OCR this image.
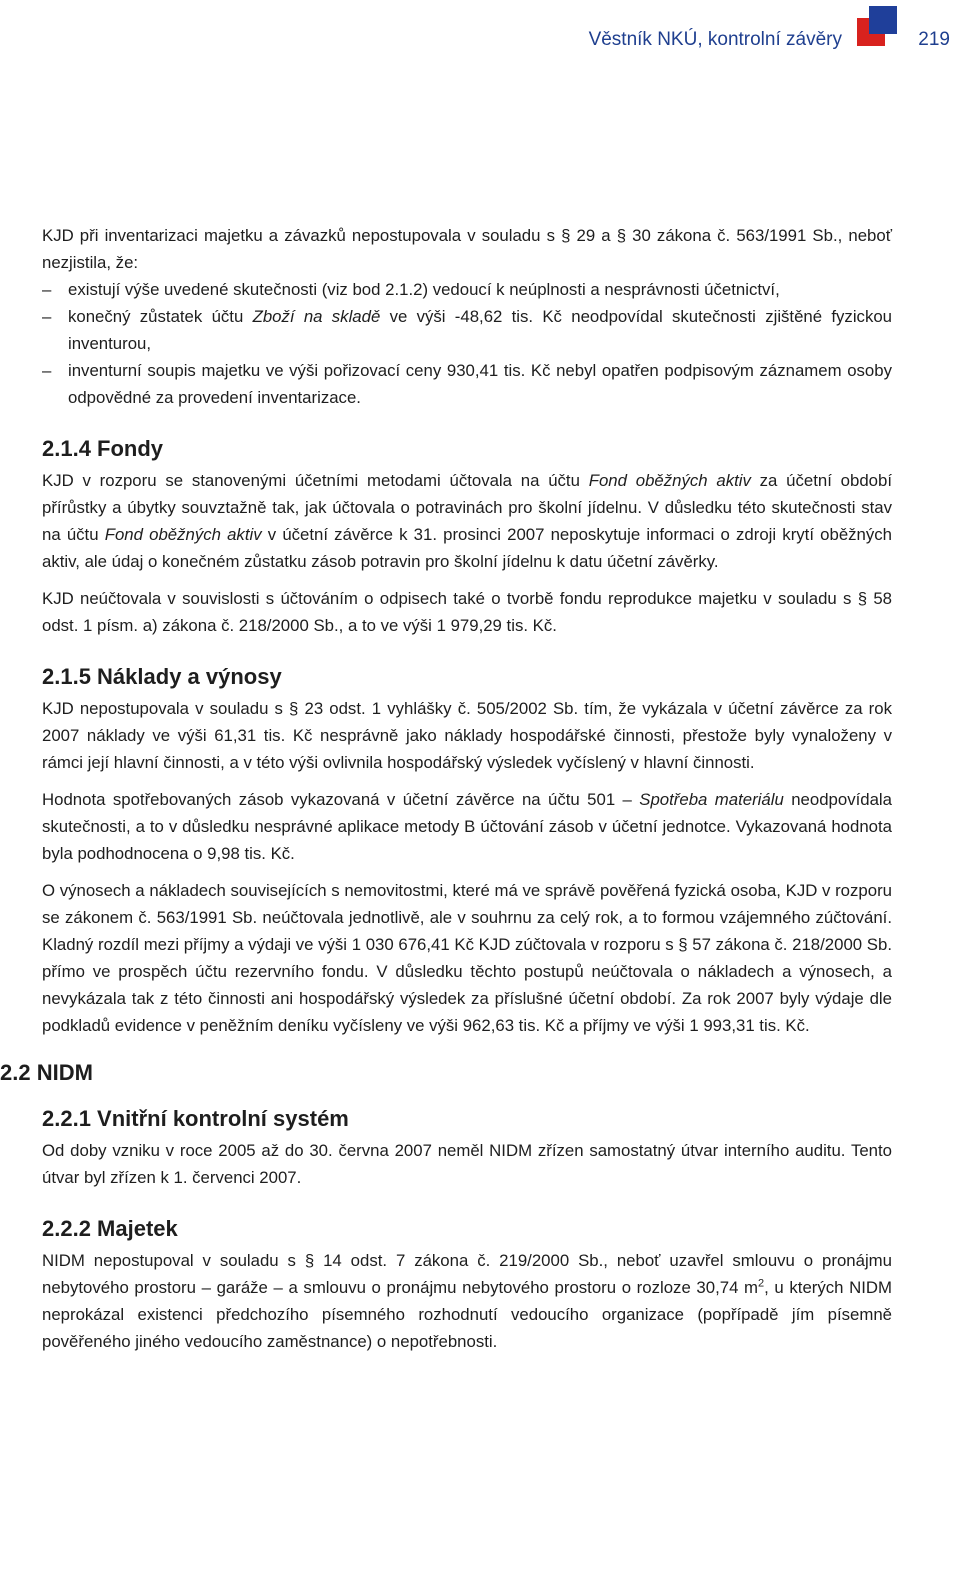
Věstník NKÚ, kontrolní závěry	219

KJD při inventarizaci majetku a závazků nepostupovala v souladu s § 29 a § 30 zákona č. 563/1991 Sb., neboť nezjistila, že:

– existují výše uvedené skutečnosti (viz bod 2.1.2) vedoucí k neúplnosti a nesprávnosti účetnictví,
– konečný zůstatek účtu Zboží na skladě ve výši -48,62 tis. Kč neodpovídal skutečnosti zjištěné fyzickou inventurou,
– inventurní soupis majetku ve výši pořizovací ceny 930,41 tis. Kč nebyl opatřen podpisovým záznamem osoby odpovědné za provedení inventarizace.
2.1.4 Fondy

KJD v rozporu se stanovenými účetními metodami účtovala na účtu Fond oběžných aktiv za účetní období přírůstky a úbytky souvztažně tak, jak účtovala o potravinách pro školní jídelnu. V důsledku této skutečnosti stav na účtu Fond oběžných aktiv v účetní závěrce k 31. prosinci 2007 neposkytuje informaci o zdroji krytí oběžných aktiv, ale údaj o konečném zůstatku zásob potravin pro školní jídelnu k datu účetní závěrky.

KJD neúčtovala v souvislosti s účtováním o odpisech také o tvorbě fondu reprodukce majetku v souladu s § 58 odst. 1 písm. a) zákona č. 218/2000 Sb., a to ve výši 1 979,29 tis. Kč.

2.1.5 Náklady a výnosy

KJD nepostupovala v souladu s § 23 odst. 1 vyhlášky č. 505/2002 Sb. tím, že vykázala v účetní závěrce za rok 2007 náklady ve výši 61,31 tis. Kč nesprávně jako náklady hospodářské činnosti, přestože byly vynaloženy v rámci její hlavní činnosti, a v této výši ovlivnila hospodářský výsledek vyčíslený v hlavní činnosti.

Hodnota spotřebovaných zásob vykazovaná v účetní závěrce na účtu 501 – Spotřeba materiálu neodpovídala skutečnosti, a to v důsledku nesprávné aplikace metody B účtování zásob v účetní jednotce. Vykazovaná hodnota byla podhodnocena o 9,98 tis. Kč.

O výnosech a nákladech souvisejících s nemovitostmi, které má ve správě pověřená fyzická osoba, KJD v rozporu se zákonem č. 563/1991 Sb. neúčtovala jednotlivě, ale v souhrnu za celý rok, a to formou vzájemného zúčtování. Kladný rozdíl mezi příjmy a výdaji ve výši 1 030 676,41 Kč KJD zúčtovala v rozporu s § 57 zákona č. 218/2000 Sb. přímo ve prospěch účtu rezervního fondu. V důsledku těchto postupů neúčtovala o nákladech a výnosech, a nevykázala tak z této činnosti ani hospodářský výsledek za příslušné účetní období. Za rok 2007 byly výdaje dle podkladů evidence v peněžním deníku vyčísleny ve výši 962,63 tis. Kč a příjmy ve výši 1 993,31 tis. Kč.

2.2 NIDM
2.2.1 Vnitřní kontrolní systém

Od doby vzniku v roce 2005 až do 30. června 2007 neměl NIDM zřízen samostatný útvar interního auditu. Tento útvar byl zřízen k 1. červenci 2007.

2.2.2 Majetek

NIDM nepostupoval v souladu s § 14 odst. 7 zákona č. 219/2000 Sb., neboť uzavřel smlouvu o pronájmu nebytového prostoru – garáže – a smlouvu o pronájmu nebytového prostoru o rozloze 30,74 $m^2$, u kterých NIDM neprokázal existenci předchozího písemného rozhodnutí vedoucího organizace (popřípadě jím písemně pověřeného jiného vedoucího zaměstnance) o nepotřebnosti.
